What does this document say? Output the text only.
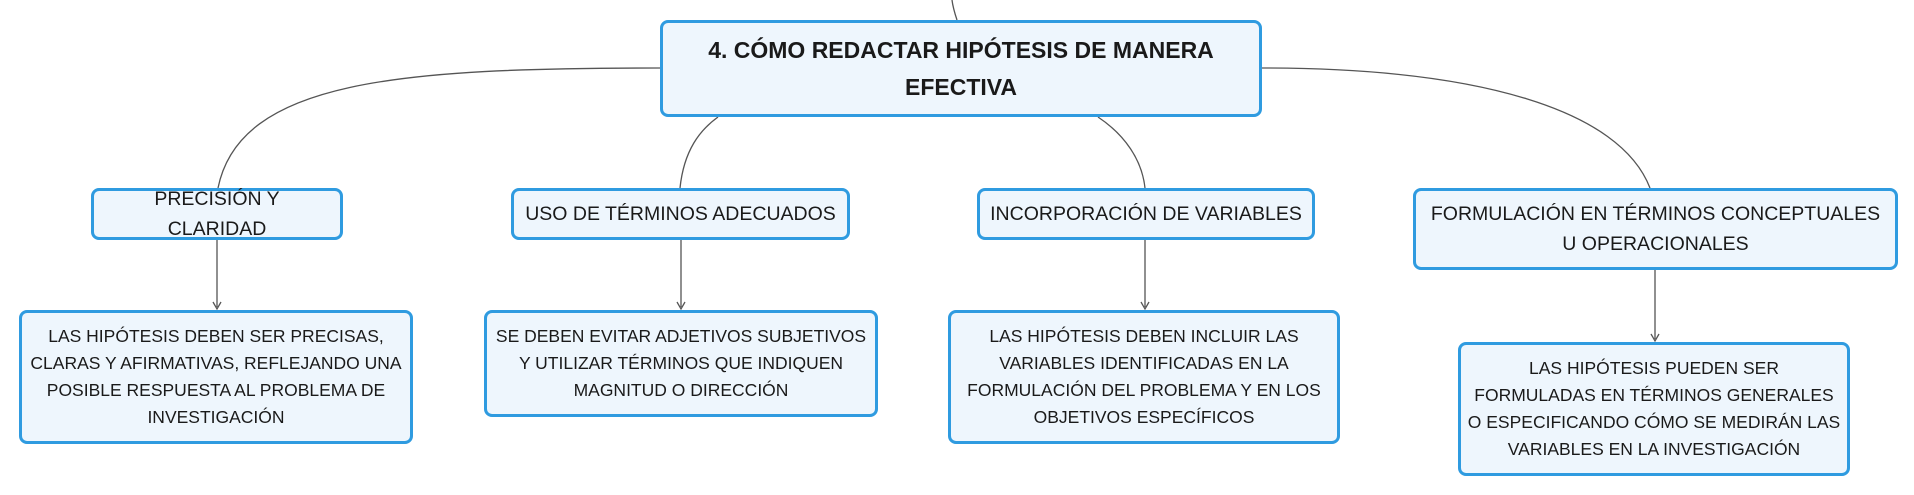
4. CÓMO REDACTAR HIPÓTESIS DE MANERA EFECTIVA
PRECISIÓN Y CLARIDAD
USO DE TÉRMINOS ADECUADOS	INCORPORACIÓN DE VARIABLES	FORMULACIÓN EN TÉRMINOS CONCEPTUALES U OPERACIONALES
LAS HIPÓTESIS DEBEN SER PRECISAS, CLARAS Y AFIRMATIVAS, REFLEJANDO UNA POSIBLE RESPUESTA AL PROBLEMA DE INVESTIGACIÓN
SE DEBEN EVITAR ADJETIVOS SUBJETIVOS Y UTILIZAR TÉRMINOS QUE INDIQUEN MAGNITUD O DIRECCIÓN
LAS HIPÓTESIS DEBEN INCLUIR LAS VARIABLES IDENTIFICADAS EN LA FORMULACIÓN DEL PROBLEMA Y EN LOS OBJETIVOS ESPECÍFICOS
LAS HIPÓTESIS PUEDEN SER FORMULADAS EN TÉRMINOS GENERALES O ESPECIFICANDO CÓMO SE MEDIRÁN LAS VARIABLES EN LA INVESTIGACIÓN
